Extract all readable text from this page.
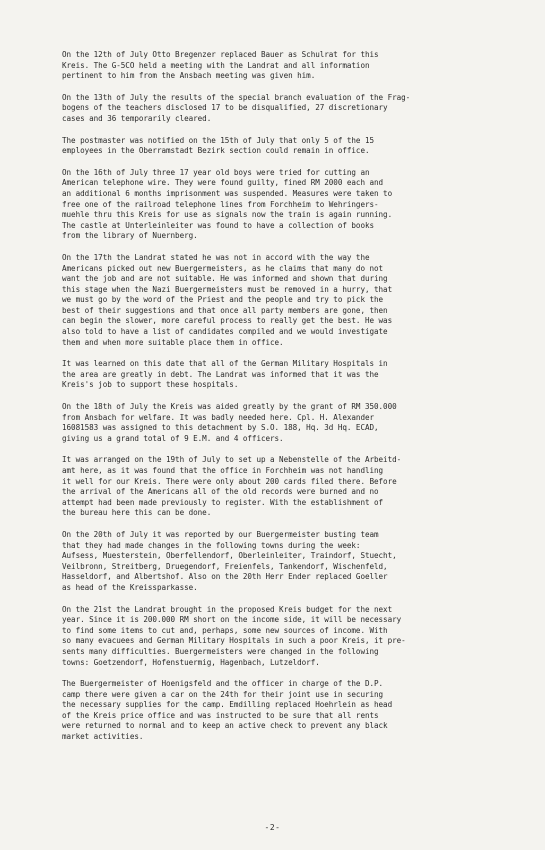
On the 12th of July Otto Bregenzer replaced Bauer as Schulrat for this
Kreis. The G-5CO held a meeting with the Landrat and all information
pertinent to him from the Ansbach meeting was given him.

On the 13th of July the results of the special branch evaluation of the Frag-
bogens of the teachers disclosed 17 to be disqualified, 27 discretionary
cases and 36 temporarily cleared.

The postmaster was notified on the 15th of July that only 5 of the 15
employees in the Oberramstadt Bezirk section could remain in office.

On the 16th of July three 17 year old boys were tried for cutting an
American telephone wire. They were found guilty, fined RM 2000 each and
an additional 6 months imprisonment was suspended. Measures were taken to
free one of the railroad telephone lines from Forchheim to Wehringers-
muehle thru this Kreis for use as signals now the train is again running.
The castle at Unterleinleiter was found to have a collection of books
from the library of Nuernberg.

On the 17th the Landrat stated he was not in accord with the way the
Americans picked out new Buergermeisters, as he claims that many do not
want the job and are not suitable. He was informed and shown that during
this stage when the Nazi Buergermeisters must be removed in a hurry, that
we must go by the word of the Priest and the people and try to pick the
best of their suggestions and that once all party members are gone, then
can begin the slower, more careful process to really get the best. He was
also told to have a list of candidates compiled and we would investigate
them and when more suitable place them in office.

It was learned on this date that all of the German Military Hospitals in
the area are greatly in debt. The Landrat was informed that it was the
Kreis's job to support these hospitals.

On the 18th of July the Kreis was aided greatly by the grant of RM 350.000
from Ansbach for welfare. It was badly needed here. Cpl. H. Alexander
16081583 was assigned to this detachment by S.O. 188, Hq. 3d Hq. ECAD,
giving us a grand total of 9 E.M. and 4 officers.

It was arranged on the 19th of July to set up a Nebenstelle of the Arbeitd-
amt here, as it was found that the office in Forchheim was not handling
it well for our Kreis. There were only about 200 cards filed there. Before
the arrival of the Americans all of the old records were burned and no
attempt had been made previously to register. With the establishment of
the bureau here this can be done.

On the 20th of July it was reported by our Buergermeister busting team
that they had made changes in the following towns during the week:
Aufsess, Muesterstein, Oberfellendorf, Oberleinleiter, Traindorf, Stuecht,
Veilbronn, Streitberg, Druegendorf, Freienfels, Tankendorf, Wischenfeld,
Hasseldorf, and Albertshof. Also on the 20th Herr Ender replaced Goeller
as head of the Kreissparkasse.

On the 21st the Landrat brought in the proposed Kreis budget for the next
year. Since it is 200.000 RM short on the income side, it will be necessary
to find some items to cut and, perhaps, some new sources of income. With
so many evacuees and German Military Hospitals in such a poor Kreis, it pre-
sents many difficulties. Buergermeisters were changed in the following
towns: Goetzendorf, Hofenstuermig, Hagenbach, Lutzeldorf.

The Buergermeister of Hoenigsfeld and the officer in charge of the D.P.
camp there were given a car on the 24th for their joint use in securing
the necessary supplies for the camp. Emdilling replaced Hoehrlein as head
of the Kreis price office and was instructed to be sure that all rents
were returned to normal and to keep an active check to prevent any black
market activities.

-2-
